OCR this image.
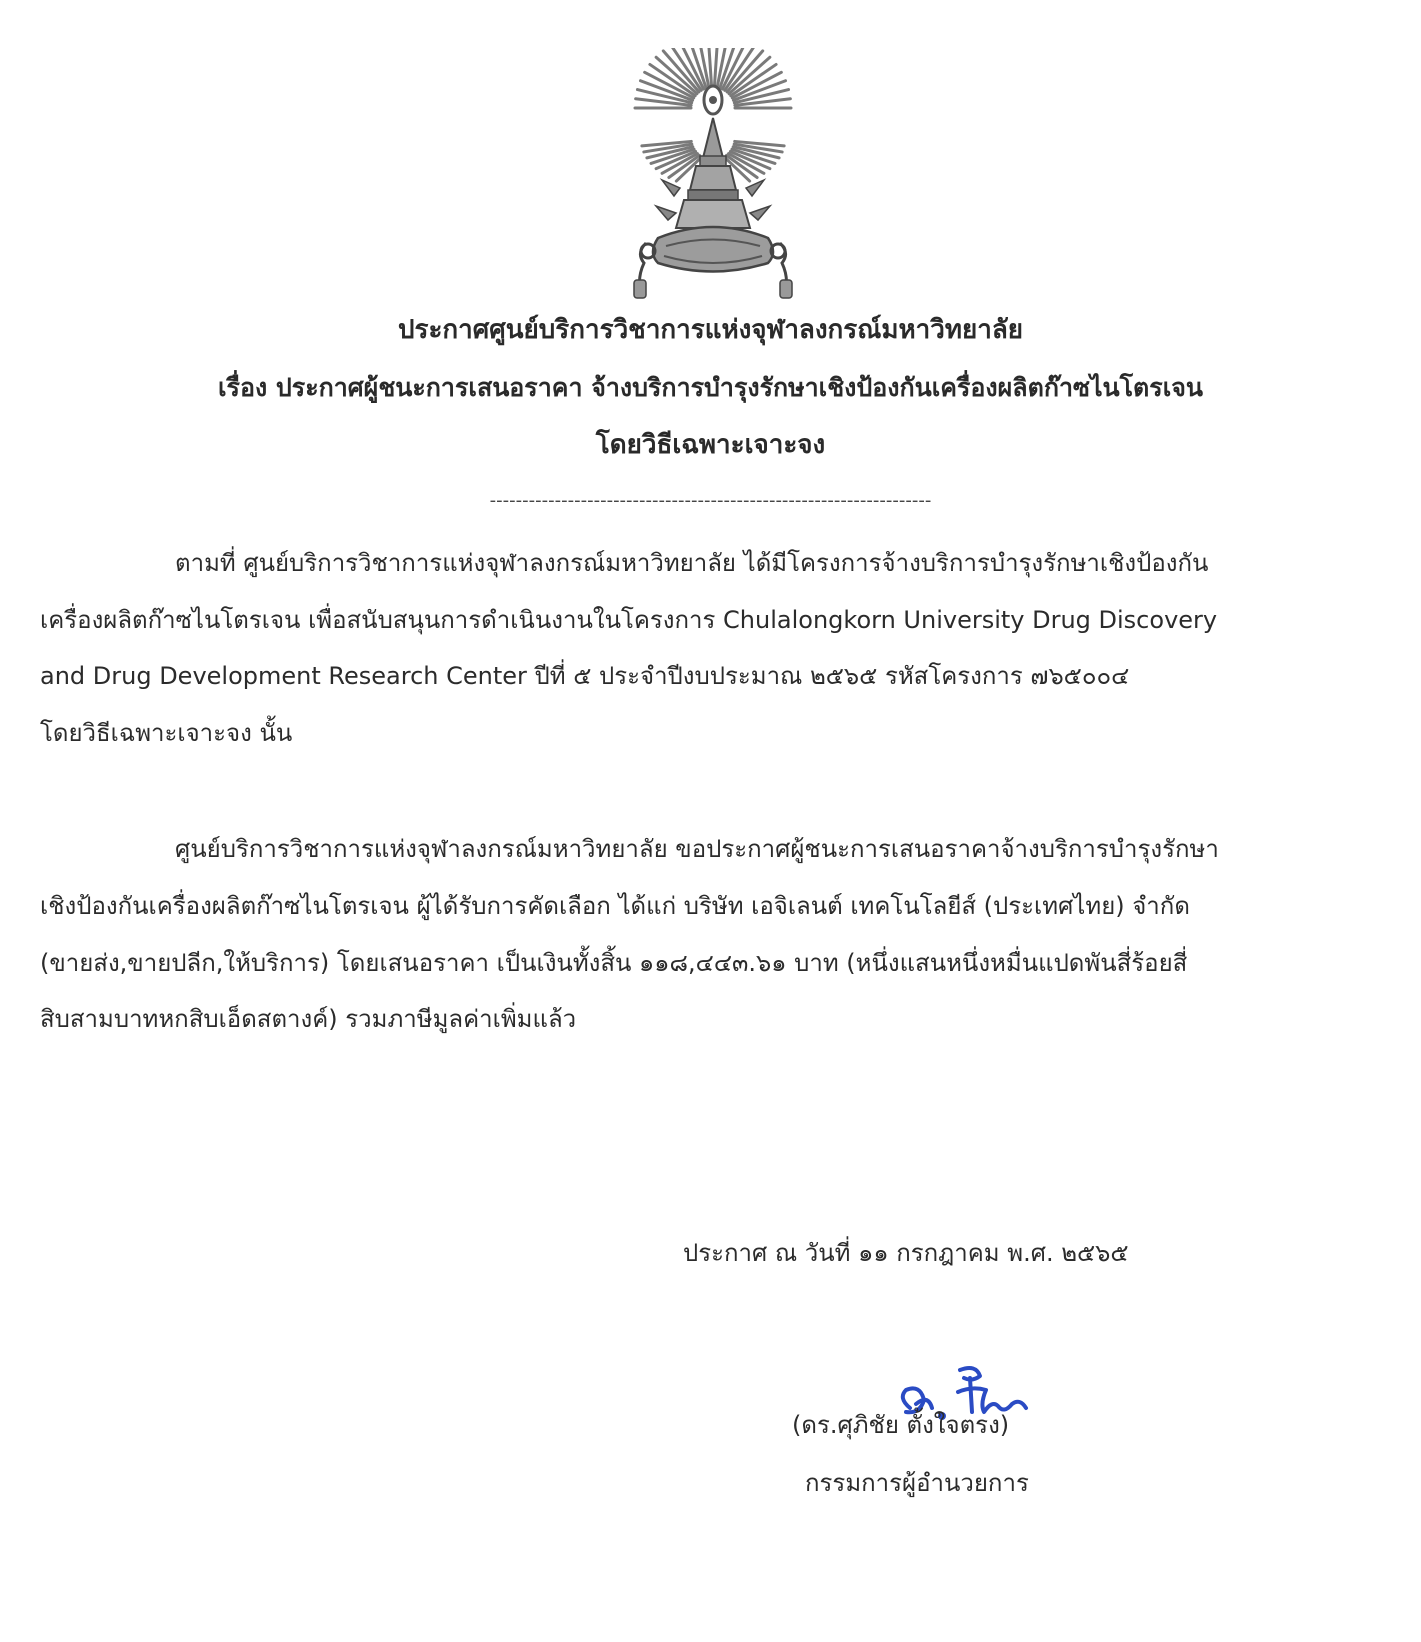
ประกาศศูนย์บริการวิชาการแห่งจุฬาลงกรณ์มหาวิทยาลัย
เรื่อง ประกาศผู้ชนะการเสนอราคา จ้างบริการบำรุงรักษาเชิงป้องกันเครื่องผลิตก๊าซไนโตรเจน
โดยวิธีเฉพาะเจาะจง
--------------------------------------------------------------------
ตามที่ ศูนย์บริการวิชาการแห่งจุฬาลงกรณ์มหาวิทยาลัย ได้มีโครงการจ้างบริการบำรุงรักษาเชิงป้องกัน
เครื่องผลิตก๊าซไนโตรเจน เพื่อสนับสนุนการดำเนินงานในโครงการ Chulalongkorn University Drug Discovery
and Drug Development Research Center ปีที่ ๕ ประจำปีงบประมาณ ๒๕๖๕ รหัสโครงการ ๗๖๕๐๐๔
โดยวิธีเฉพาะเจาะจง นั้น
ศูนย์บริการวิชาการแห่งจุฬาลงกรณ์มหาวิทยาลัย ขอประกาศผู้ชนะการเสนอราคาจ้างบริการบำรุงรักษา
เชิงป้องกันเครื่องผลิตก๊าซไนโตรเจน ผู้ได้รับการคัดเลือก ได้แก่ บริษัท เอจิเลนต์ เทคโนโลยีส์ (ประเทศไทย) จำกัด
(ขายส่ง,ขายปลีก,ให้บริการ) โดยเสนอราคา เป็นเงินทั้งสิ้น ๑๑๘,๔๔๓.๖๑ บาท (หนึ่งแสนหนึ่งหมื่นแปดพันสี่ร้อยสี่
สิบสามบาทหกสิบเอ็ดสตางค์) รวมภาษีมูลค่าเพิ่มแล้ว
ประกาศ ณ วันที่ ๑๑ กรกฎาคม พ.ศ. ๒๕๖๕
(ดร.ศุภิชัย ตั้งใจตรง)
กรรมการผู้อำนวยการ
